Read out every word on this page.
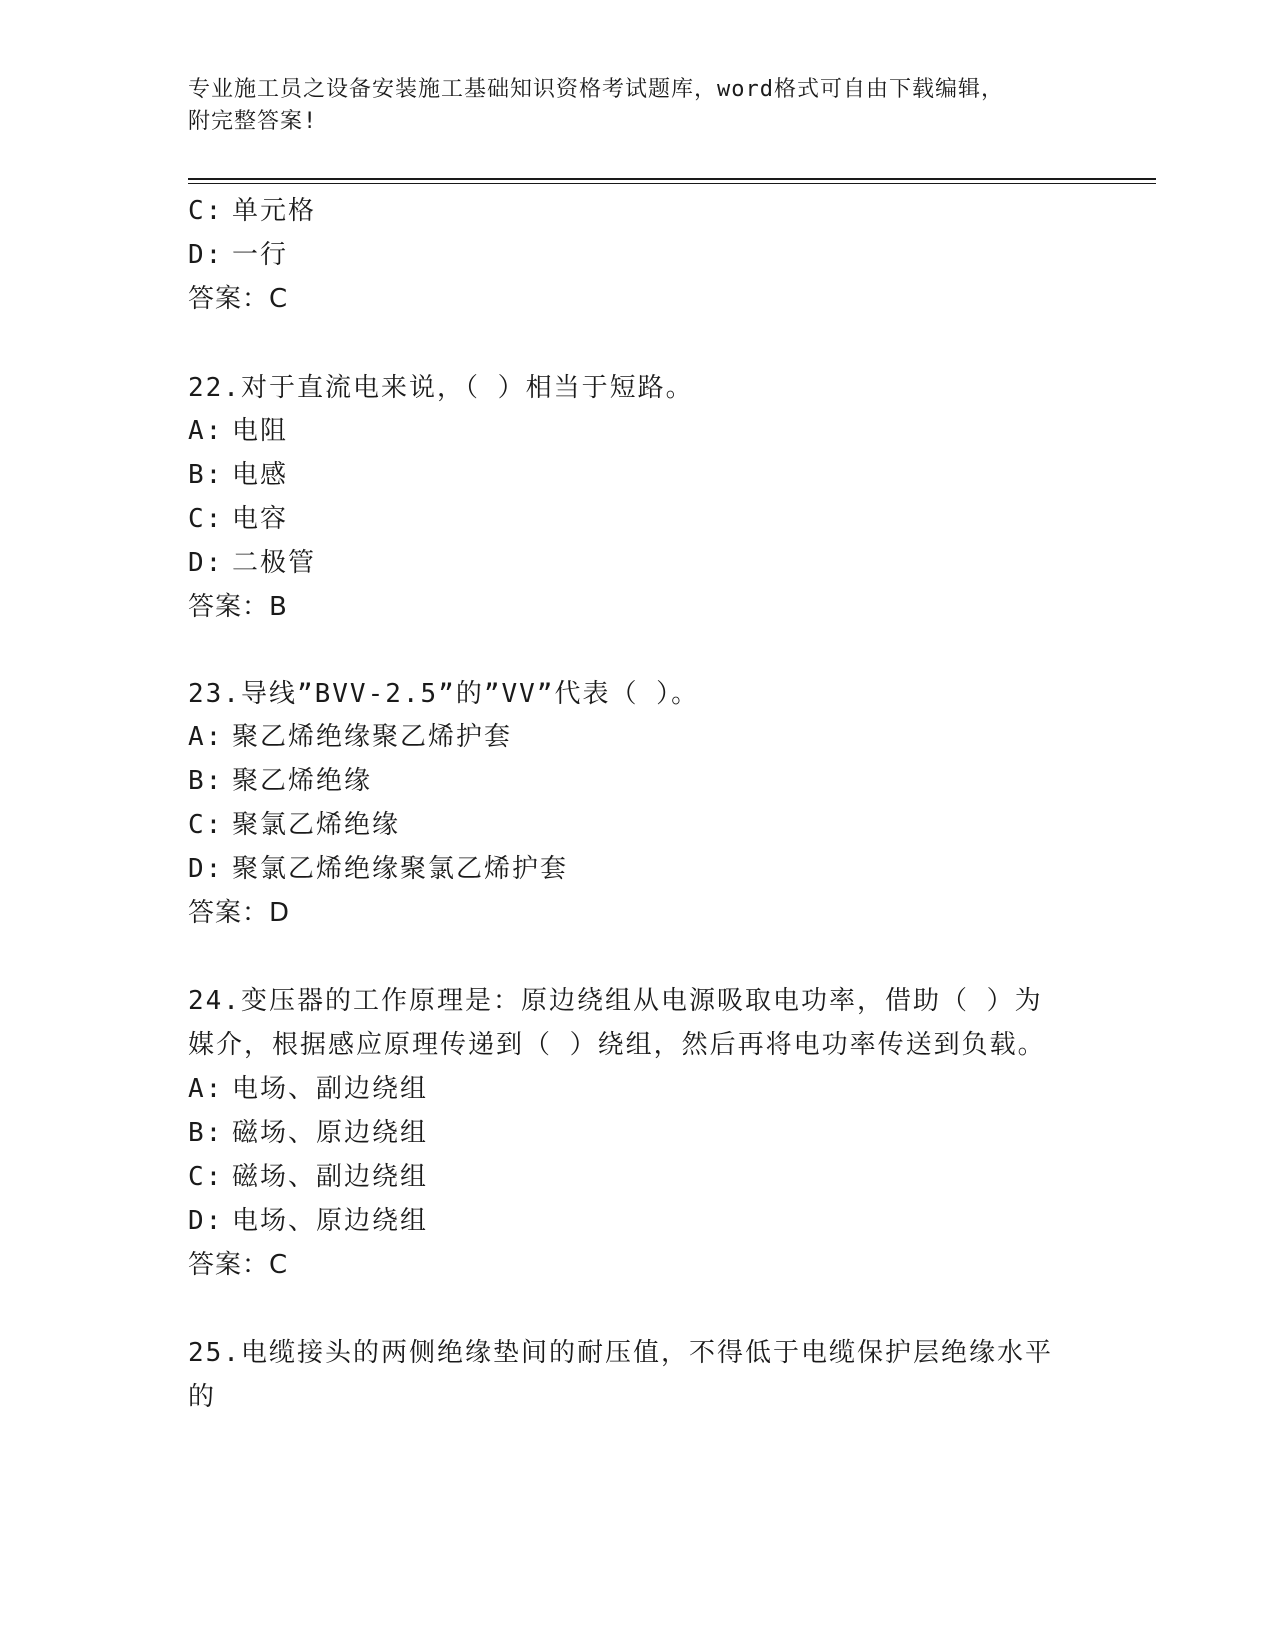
专业施工员之设备安装施工基础知识资格考试题库，word格式可自由下载编辑，
附完整答案!
C: 单元格
D: 一行
答案：C
22.对于直流电来说，（ ）相当于短路。
A: 电阻
B: 电感
C: 电容
D: 二极管
答案：B
23.导线”BVV-2.5”的”VV”代表（ ）。
A: 聚乙烯绝缘聚乙烯护套
B: 聚乙烯绝缘
C: 聚氯乙烯绝缘
D: 聚氯乙烯绝缘聚氯乙烯护套
答案：D
24.变压器的工作原理是：原边绕组从电源吸取电功率，借助（ ）为
媒介，根据感应原理传递到（ ）绕组，然后再将电功率传送到负载。
A: 电场、副边绕组
B: 磁场、原边绕组
C: 磁场、副边绕组
D: 电场、原边绕组
答案：C
25.电缆接头的两侧绝缘垫间的耐压值，不得低于电缆保护层绝缘水平
的
